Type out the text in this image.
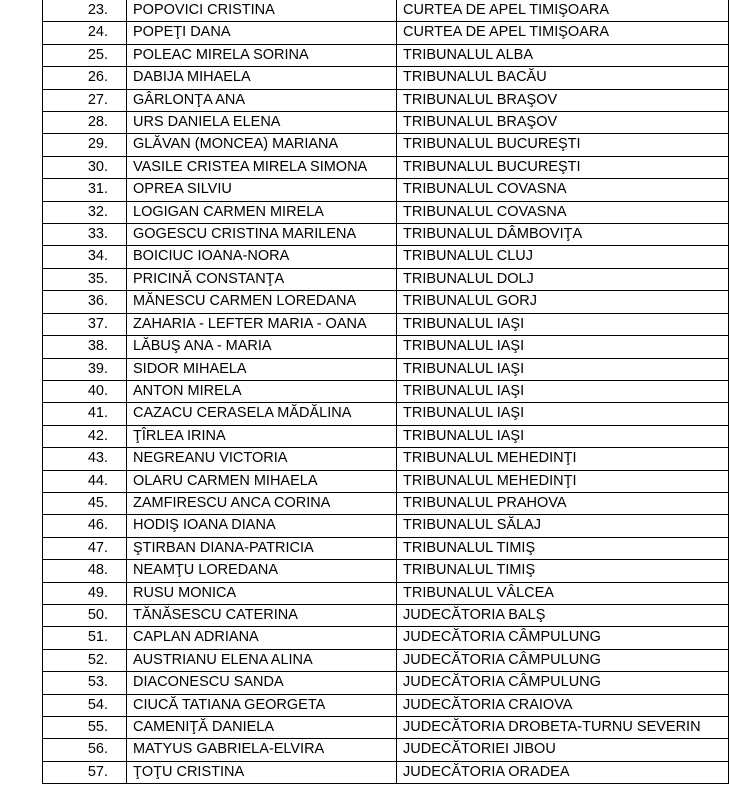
23.	POPOVICI CRISTINA	CURTEA DE APEL TIMIŞOARA
24.	POPEŢI DANA	CURTEA DE APEL TIMIŞOARA
25.	POLEAC MIRELA SORINA	TRIBUNALUL ALBA
26.	DABIJA MIHAELA	TRIBUNALUL BACĂU
27.	GÂRLONŢA ANA	TRIBUNALUL BRAŞOV
28.	URS DANIELA ELENA	TRIBUNALUL BRAŞOV
29.	GLĂVAN (MONCEA) MARIANA	TRIBUNALUL BUCUREŞTI
30.	VASILE CRISTEA MIRELA SIMONA	TRIBUNALUL BUCUREŞTI
31.	OPREA SILVIU	TRIBUNALUL COVASNA
32.	LOGIGAN CARMEN MIRELA	TRIBUNALUL COVASNA
33.	GOGESCU CRISTINA MARILENA	TRIBUNALUL DÂMBOVIŢA
34.	BOICIUC IOANA-NORA	TRIBUNALUL CLUJ
35.	PRICINĂ CONSTANŢA	TRIBUNALUL DOLJ
36.	MĂNESCU CARMEN LOREDANA	TRIBUNALUL GORJ
37.	ZAHARIA - LEFTER MARIA - OANA	TRIBUNALUL IAŞI
38.	LĂBUŞ ANA - MARIA	TRIBUNALUL IAŞI
39.	SIDOR MIHAELA	TRIBUNALUL IAŞI
40.	ANTON MIRELA	TRIBUNALUL IAŞI
41.	CAZACU CERASELA MĂDĂLINA	TRIBUNALUL IAŞI
42.	ŢÎRLEA IRINA	TRIBUNALUL IAŞI
43.	NEGREANU VICTORIA	TRIBUNALUL MEHEDINŢI
44.	OLARU CARMEN MIHAELA	TRIBUNALUL MEHEDINŢI
45.	ZAMFIRESCU ANCA CORINA	TRIBUNALUL PRAHOVA
46.	HODIŞ IOANA DIANA	TRIBUNALUL SĂLAJ
47.	ŞTIRBAN DIANA-PATRICIA	TRIBUNALUL TIMIŞ
48.	NEAMŢU LOREDANA	TRIBUNALUL TIMIŞ
49.	RUSU MONICA	TRIBUNALUL VÂLCEA
50.	TĂNĂSESCU CATERINA	JUDECĂTORIA BALŞ
51.	CAPLAN ADRIANA	JUDECĂTORIA CÂMPULUNG
52.	AUSTRIANU ELENA ALINA	JUDECĂTORIA CÂMPULUNG
53.	DIACONESCU SANDA	JUDECĂTORIA CÂMPULUNG
54.	CIUCĂ TATIANA GEORGETA	JUDECĂTORIA CRAIOVA
55.	CAMENIŢĂ DANIELA	JUDECĂTORIA DROBETA-TURNU SEVERIN
56.	MATYUS GABRIELA-ELVIRA	JUDECĂTORIEI JIBOU
57.	ŢOŢU CRISTINA	JUDECĂTORIA ORADEA
